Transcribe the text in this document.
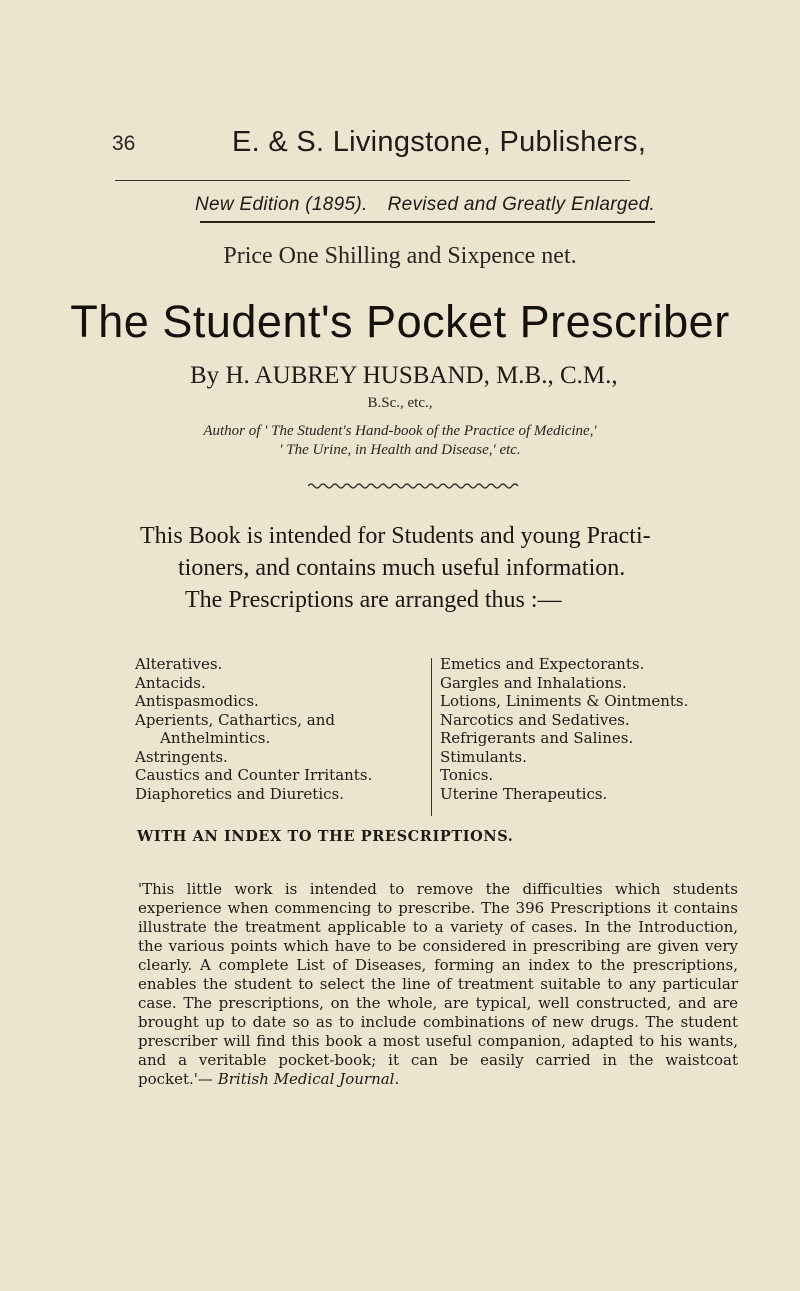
36	E. & S. Livingstone, Publishers,
New Edition (1895). Revised and Greatly Enlarged.
Price One Shilling and Sixpence net.
The Student's Pocket Prescriber
By H. AUBREY HUSBAND, M.B., C.M.,
B.Sc., etc.,
Author of ' The Student's Hand-book of the Practice of Medicine,'
' The Urine, in Health and Disease,' etc.

This Book is intended for Students and young Practi-

tioners, and contains much useful information.

The Prescriptions are arranged thus :—

Alteratives.
Antacids.
Antispasmodics.
Aperients, Cathartics, and
Anthelmintics.
Astringents.
Caustics and Counter Irritants.
Diaphoretics and Diuretics.
Emetics and Expectorants.
Gargles and Inhalations.
Lotions, Liniments & Ointments.
Narcotics and Sedatives.
Refrigerants and Salines.
Stimulants.
Tonics.
Uterine Therapeutics.
WITH AN INDEX TO THE PRESCRIPTIONS.

'This little work is intended to remove the difficulties which students experience when commencing to prescribe. The 396 Prescriptions it contains illustrate the treatment applicable to a variety of cases. In the Introduction, the various points which have to be considered in prescribing are given very clearly. A complete List of Diseases, forming an index to the prescriptions, enables the student to select the line of treatment suitable to any particular case. The prescriptions, on the whole, are typical, well constructed, and are brought up to date so as to include combinations of new drugs. The student prescriber will find this book a most useful companion, adapted to his wants, and a veritable pocket-book; it can be easily carried in the waistcoat pocket.'— British Medical Journal.
